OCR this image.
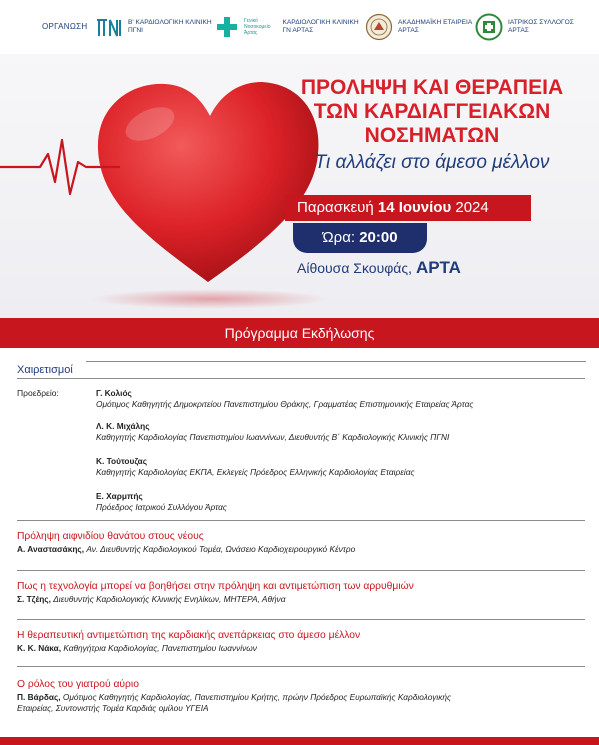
ΟΡΓΑΝΩΣΗ	Β' ΚΑΡΔΙΟΛΟΓΙΚΗ ΚΛΙΝΙΚΗ
ΠΓΝΙ
Γενικό
Νοσοκομείο
Άρτας
ΚΑΡΔΙΟΛΟΓΙΚΗ ΚΛΙΝΙΚΗ
ΓΝ ΑΡΤΑΣ
ΑΚΑΔΗΜΑΪΚΗ ΕΤΑΙΡΕΙΑ
ΑΡΤΑΣ
ΙΑΤΡΙΚΟΣ ΣΥΛΛΟΓΟΣ
ΑΡΤΑΣ
ΠΡΟΛΗΨΗ ΚΑΙ ΘΕΡΑΠΕΙΑ
ΤΩΝ ΚΑΡΔΙΑΓΓΕΙΑΚΩΝ
ΝΟΣΗΜΑΤΩΝ
Τι αλλάζει στο άμεσο μέλλον
Παρασκευή 14 Ιουνίου 2024
Ώρα: 20:00
Αίθουσα Σκουφάς, ΑΡΤΑ
Πρόγραμμα Εκδήλωσης
Χαιρετισμοί
Προεδρείο:	Γ. Κολιός
Ομότιμος Καθηγητής Δημοκριτείου Πανεπιστημίου Θράκης, Γραμματέας Επιστημονικής Εταιρείας Άρτας
Λ. Κ. Μιχάλης
Καθηγητής Καρδιολογίας Πανεπιστημίου Ιωαννίνων, Διευθυντής Β΄ Καρδιολογικής Κλινικής ΠΓΝΙ
Κ. Τούτουζας
Καθηγητής Καρδιολογίας ΕΚΠΑ, Εκλεγείς Πρόεδρος Ελληνικής Καρδιολογίας Εταιρείας
Ε. Χαρμπής
Πρόεδρος Ιατρικού Συλλόγου Άρτας
Πρόληψη αιφνιδίου θανάτου στους νέους
Α. Αναστασάκης, Αν. Διευθυντής Καρδιολογικού Τομέα, Ωνάσειο Καρδιοχειρουργικό Κέντρο
Πως η τεχνολογία μπορεί να βοηθήσει στην πρόληψη και αντιμετώπιση των αρρυθμιών
Σ. Τζέης, Διευθυντής Καρδιολογικής Κλινικής Ενηλίκων, ΜΗΤΕΡΑ, Αθήνα
Η θεραπευτική αντιμετώπιση της καρδιακής ανεπάρκειας στο άμεσο μέλλον
Κ. Κ. Νάκα, Καθηγήτρια Καρδιολογίας, Πανεπιστημίου Ιωαννίνων
Ο ρόλος του γιατρού αύριο
Π. Βάρδας, Ομότιμος Καθηγητής Καρδιολογίας, Πανεπιστημίου Κρήτης, πρώην Πρόεδρος Ευρωπαϊκής Καρδιολογικής
Εταιρείας, Συντονιστής Τομέα Καρδιάς ομίλου ΥΓΕΙΑ
